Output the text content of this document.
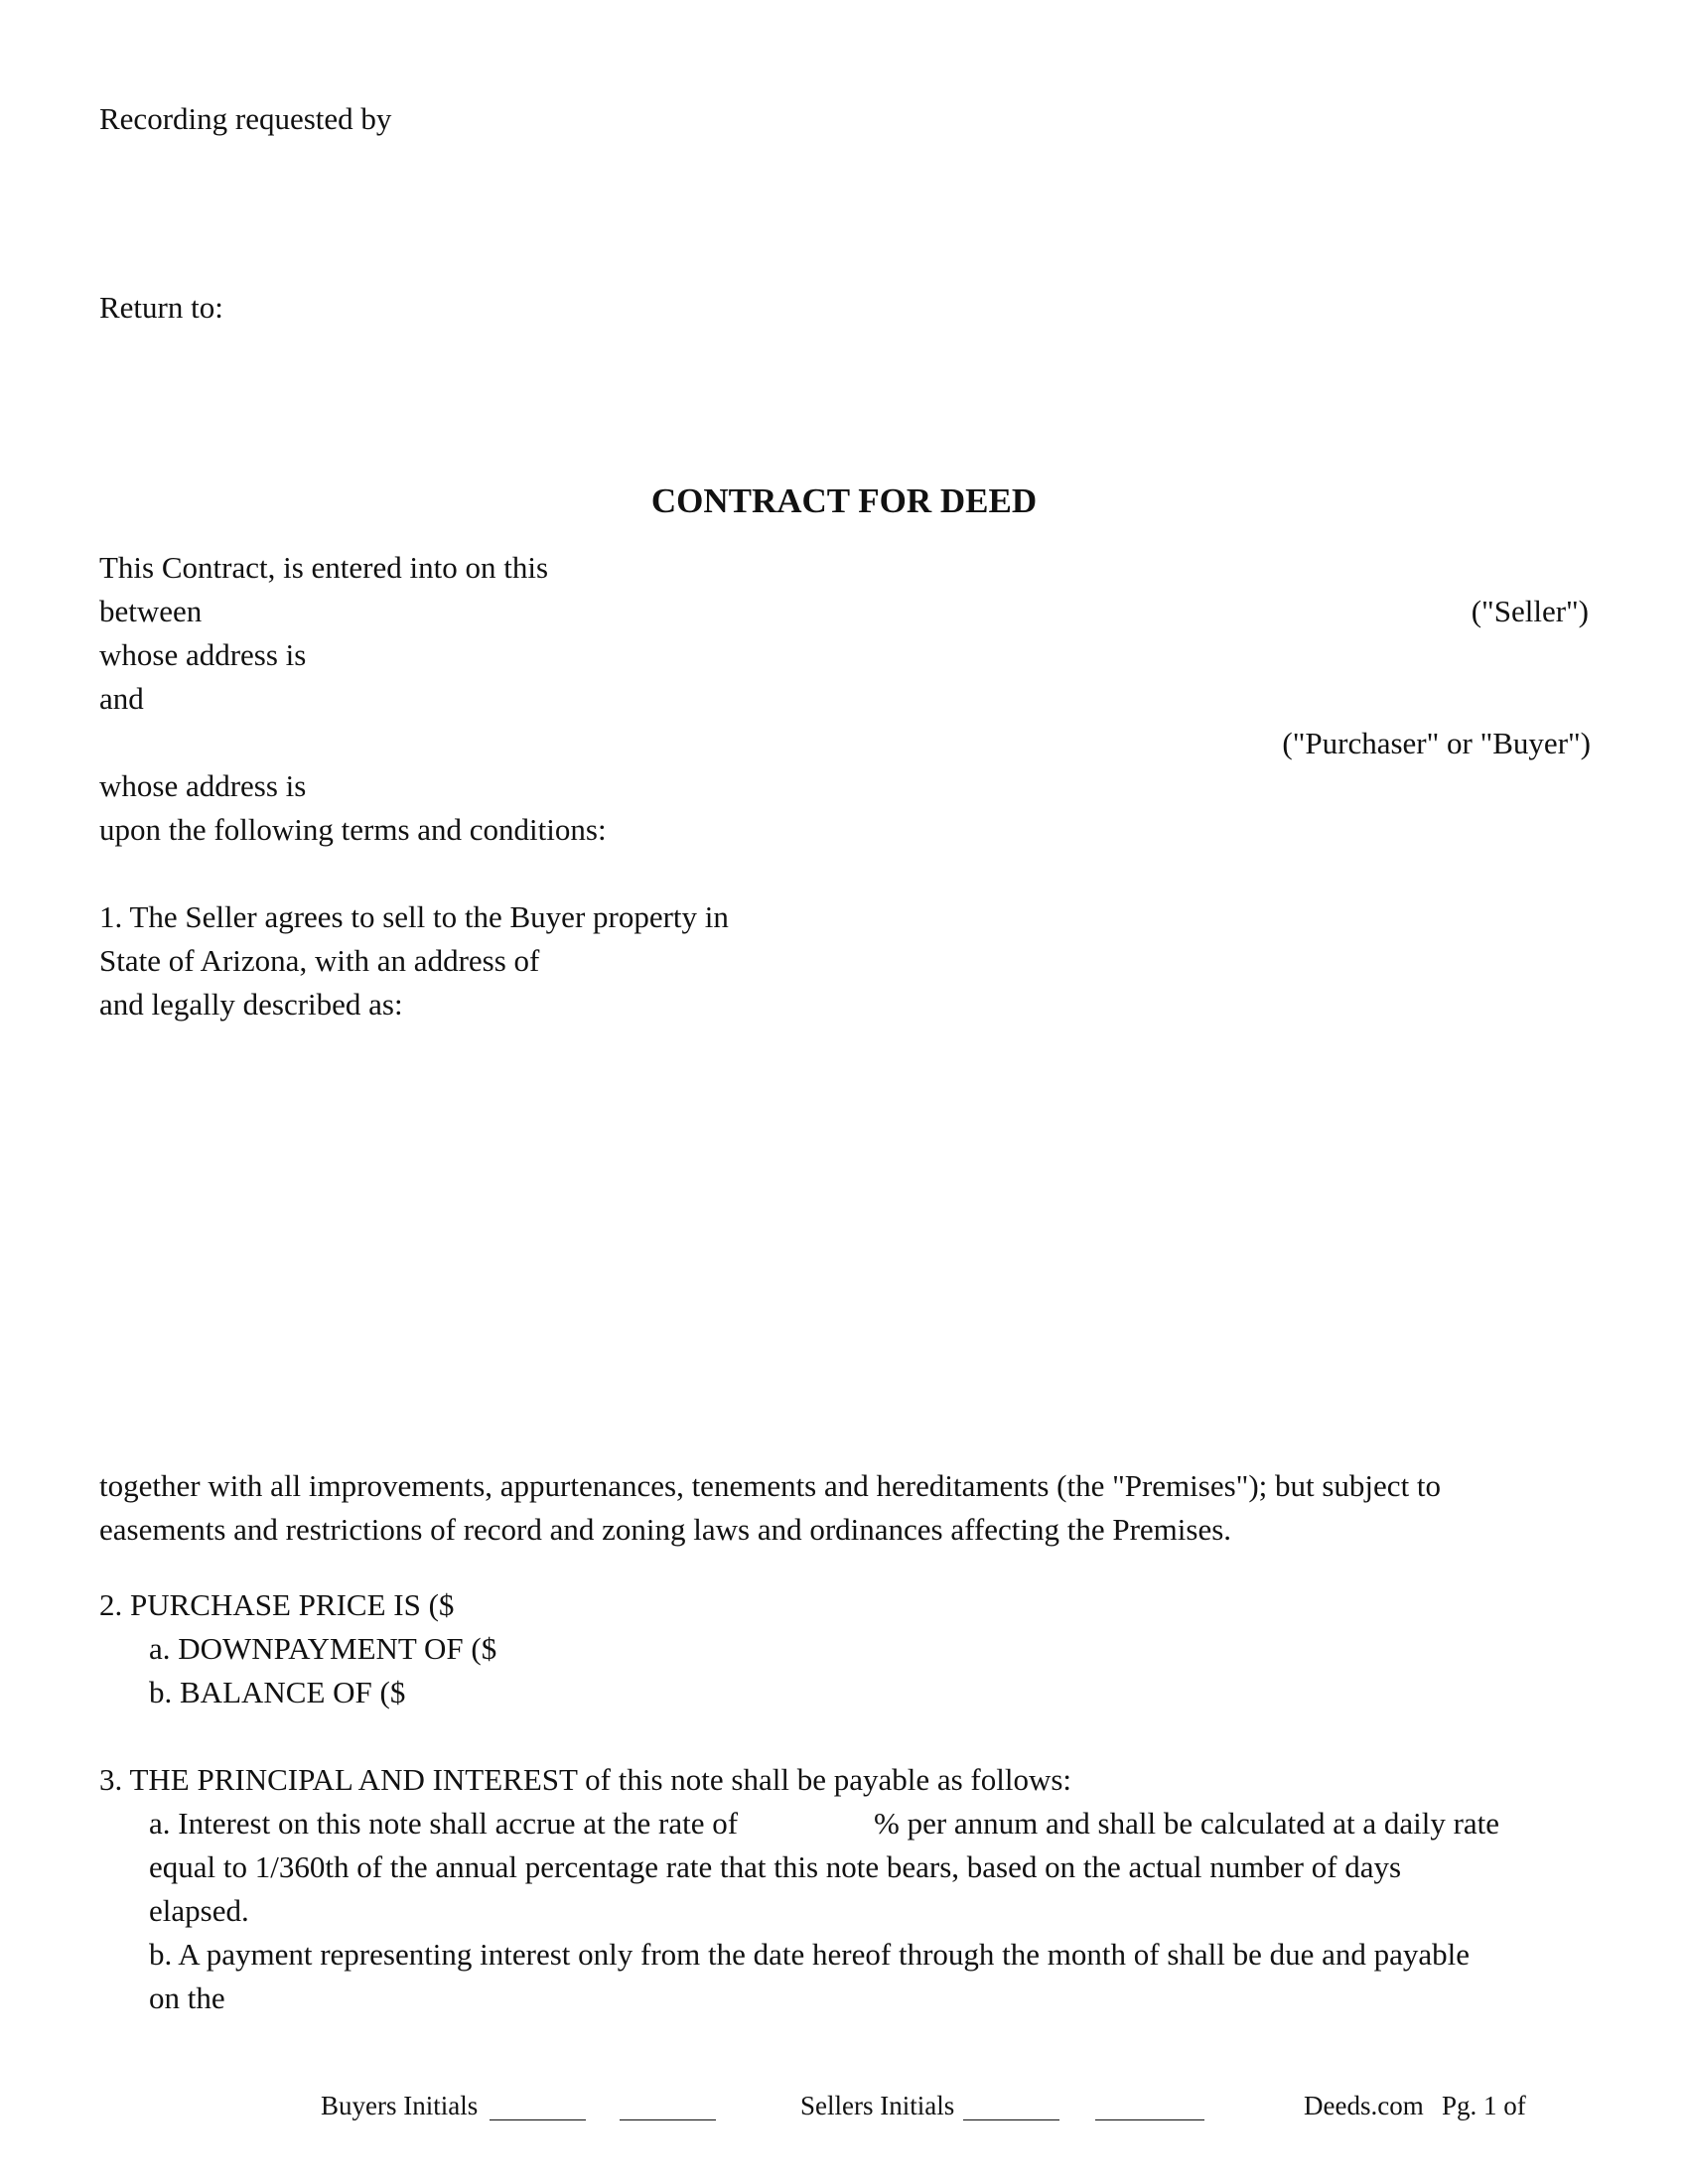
Recording requested by
Return to:
CONTRACT FOR DEED
This Contract, is entered into on this
between	("Seller")
whose address is
and
("Purchaser" or "Buyer")
whose address is
upon the following terms and conditions:
1. The Seller agrees to sell to the Buyer property in
State of Arizona, with an address of
and legally described as:
together with all improvements, appurtenances, tenements and hereditaments (the "Premises"); but subject to
easements and restrictions of record and zoning laws and ordinances affecting the Premises.
2. PURCHASE PRICE IS ($
a. DOWNPAYMENT OF ($
b. BALANCE OF ($
3. THE PRINCIPAL AND INTEREST of this note shall be payable as follows:
a. Interest on this note shall accrue at the rate of	% per annum and shall be calculated at a daily rate
equal to 1/360th of the annual percentage rate that this note bears, based on the actual number of days
elapsed.
b. A payment representing interest only from the date hereof through the month of shall be due and payable
on the
Buyers Initials	Sellers Initials	Deeds.com Pg. 1 of
